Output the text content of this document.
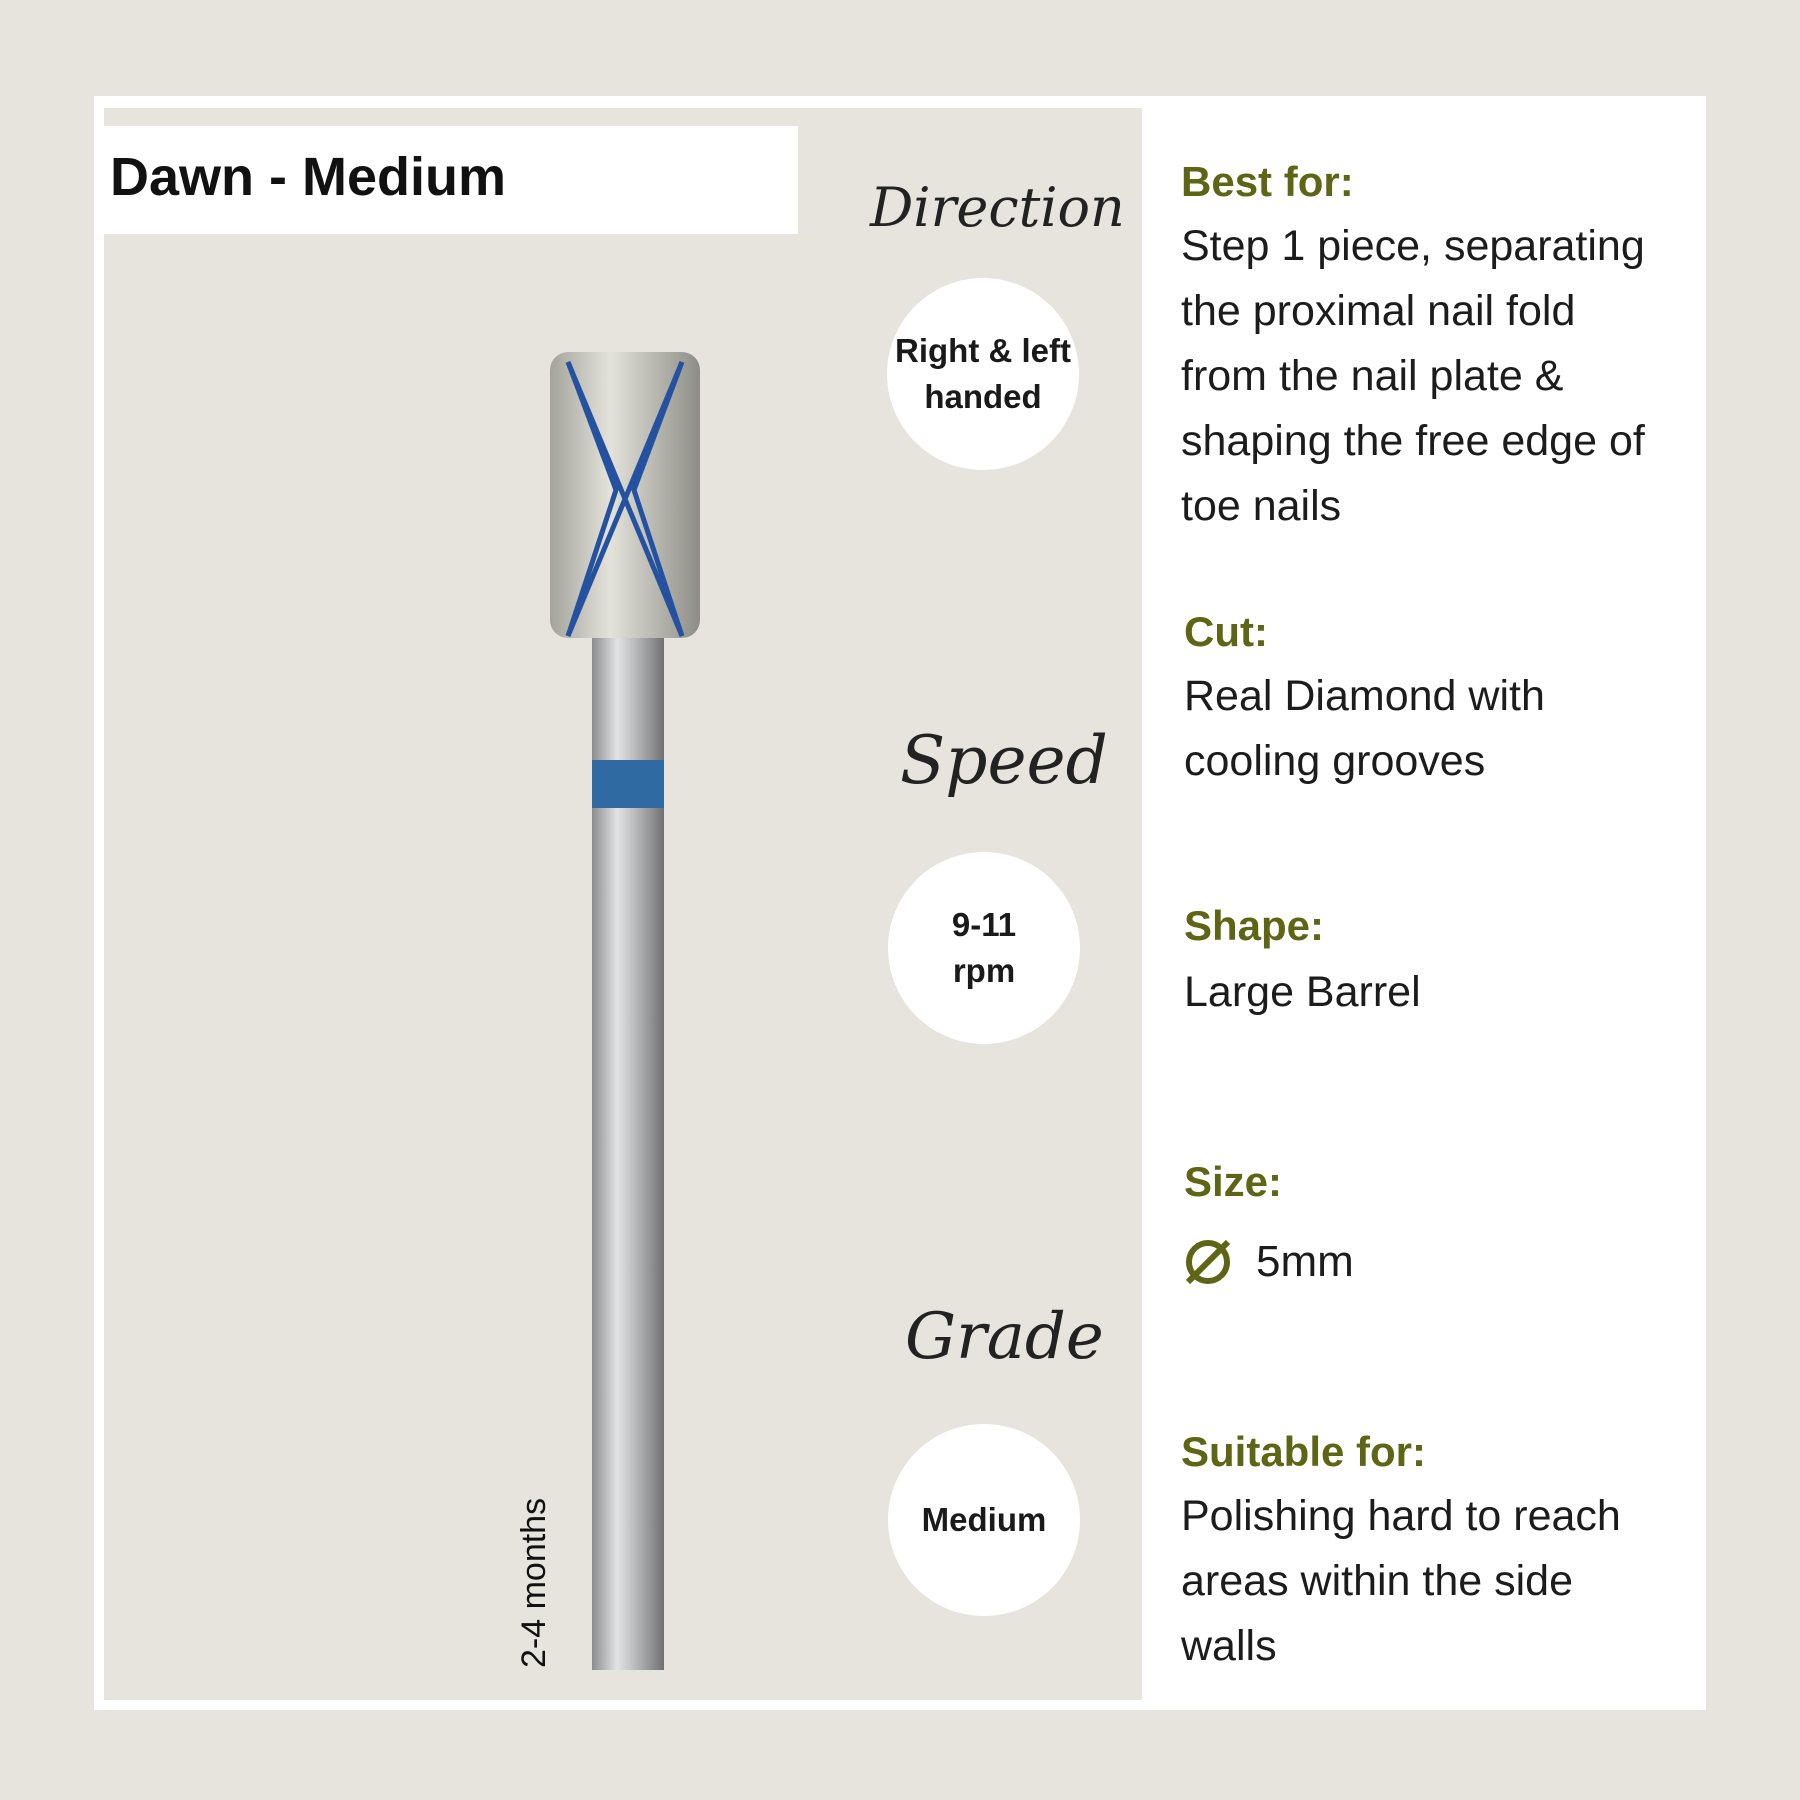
Dawn - Medium
2-4 months
Direction
Right & left
handed
Speed
9-11
rpm
Grade
Medium
Best for:
Step 1 piece, separating
the proximal nail fold
from the nail plate &
shaping the free edge of
toe nails
Cut:
Real Diamond with
cooling grooves
Shape:
Large Barrel
Size:
5mm
Suitable for:
Polishing hard to reach
areas within the side
walls
